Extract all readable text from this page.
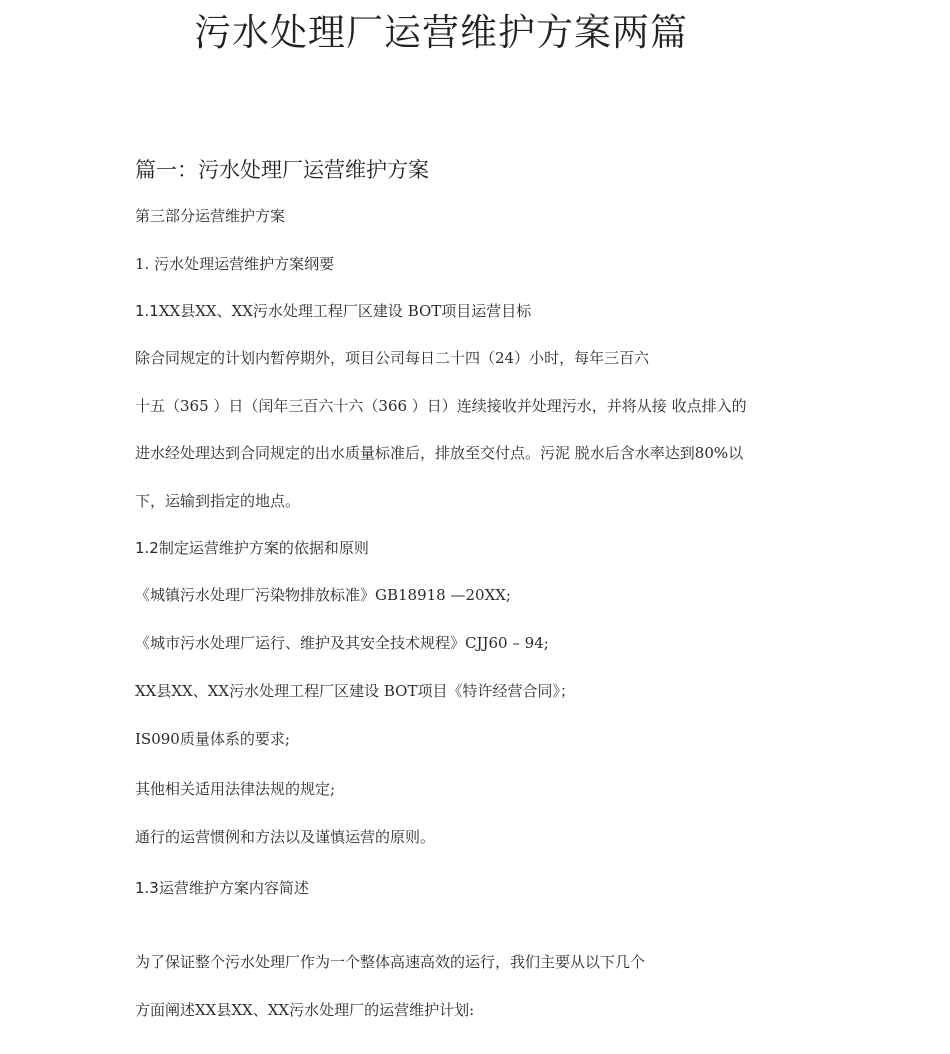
污水处理厂运营维护方案两篇
篇一：污水处理厂运营维护方案
第三部分运营维护方案
1. 污水处理运营维护方案纲要
1.1XX县XX、XX污水处理工程厂区建设 BOT项目运营目标
除合同规定的计划内暂停期外，项目公司每日二十四（24）小时，每年三百六
十五（365 ）日（闰年三百六十六（366 ）日）连续接收并处理污水，并将从接 收点排入的
进水经处理达到合同规定的出水质量标准后，排放至交付点。污泥 脱水后含水率达到80%以
下，运输到指定的地点。
1.2制定运营维护方案的依据和原则
《城镇污水处理厂污染物排放标准》GB18918 —20XX;
《城市污水处理厂运行、维护及其安全技术规程》CJJ60 – 94;
XX县XX、XX污水处理工程厂区建设 BOT项目《特许经营合同》；
IS090质量体系的要求;
其他相关适用法律法规的规定;
通行的运营惯例和方法以及谨慎运营的原则。
1.3运营维护方案内容简述
为了保证整个污水处理厂作为一个整体高速高效的运行，我们主要从以下几个
方面阐述XX县XX、XX污水处理厂的运营维护计划:
